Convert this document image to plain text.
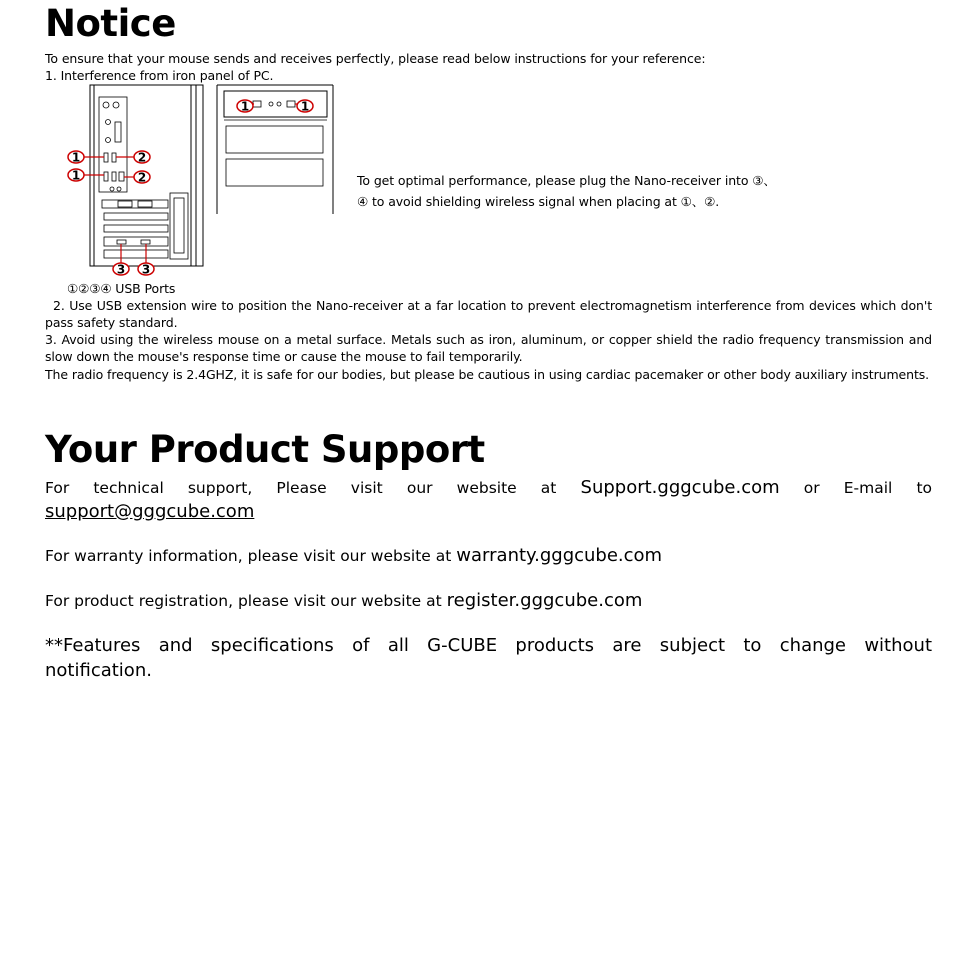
Notice
To ensure that your mouse sends and receives perfectly, please read below instructions for your reference:
1. Interference from iron panel of PC.
1
1
2
2
3 3
1	1
To get optimal performance, please plug the Nano-receiver into ③、
④ to avoid shielding wireless signal when placing at ①、②.
①②③④ USB Ports
2. Use USB extension wire to position the Nano-receiver at a far location to prevent electromagnetism interference from devices which don't pass safety standard.
3. Avoid using the wireless mouse on a metal surface. Metals such as iron, aluminum, or copper shield the radio frequency transmission and slow down the mouse's response time or cause the mouse to fail temporarily.
The radio frequency is 2.4GHZ, it is safe for our bodies, but please be cautious in using cardiac pacemaker or other body auxiliary instruments.
Your Product Support
For technical support, Please visit our website at Support.gggcube.com or E-mail to
support@gggcube.com
For warranty information, please visit our website at warranty.gggcube.com
For product registration, please visit our website at register.gggcube.com
**Features and specifications of all G-CUBE products are subject to change without
notification.
